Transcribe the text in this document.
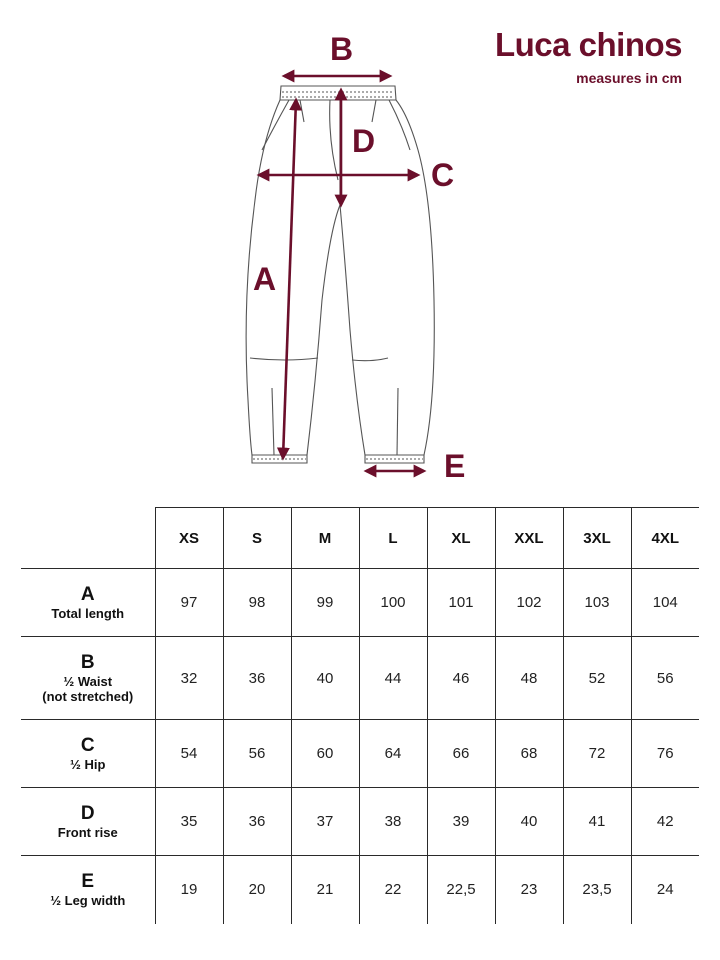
Luca chinos

measures in cm

B
D
C
A
E
	XS	S	M	L	XL	XXL	3XL	4XL

A
Total length	97	98	99	100	101	102	103	104

B
½ Waist
(not stretched)	32	36	40	44	46	48	52	56

C
½ Hip	54	56	60	64	66	68	72	76

D
Front rise	35	36	37	38	39	40	41	42

E
½ Leg width	19	20	21	22	22,5	23	23,5	24
